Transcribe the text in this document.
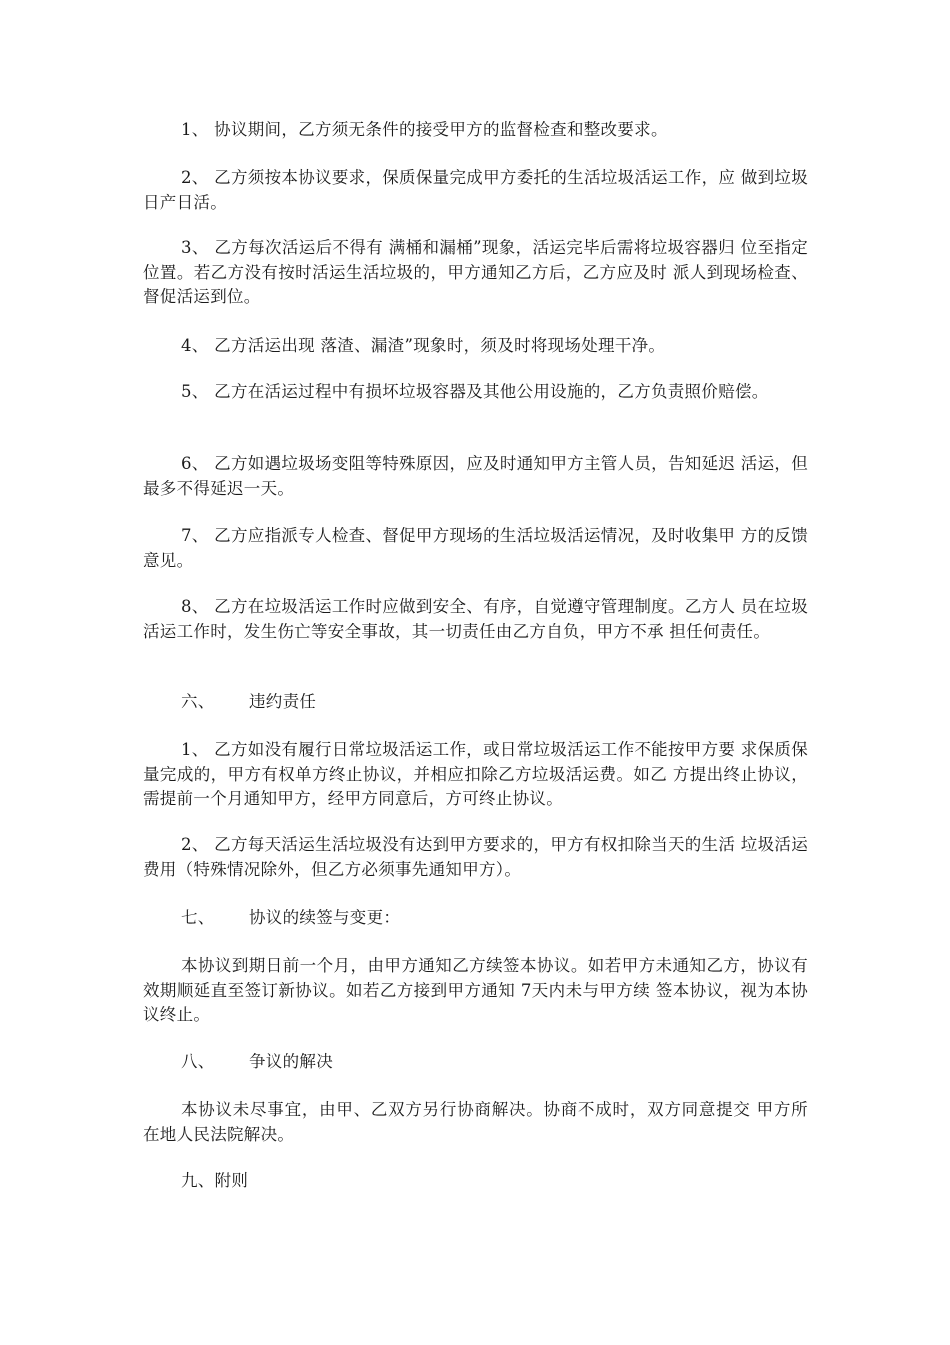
1、 协议期间，乙方须无条件的接受甲方的监督检查和整改要求。

2、 乙方须按本协议要求，保质保量完成甲方委托的生活垃圾活运工作，应 做到垃圾日产日活。

3、 乙方每次活运后不得有 满桶和漏桶”现象，活运完毕后需将垃圾容器归 位至指定位置。若乙方没有按时活运生活垃圾的，甲方通知乙方后，乙方应及时 派人到现场检查、督促活运到位。

4、 乙方活运出现 落渣、漏渣”现象时，须及时将现场处理干净。

5、 乙方在活运过程中有损坏垃圾容器及其他公用设施的，乙方负责照价赔偿。

6、 乙方如遇垃圾场变阻等特殊原因，应及时通知甲方主管人员，告知延迟 活运，但最多不得延迟一天。

7、 乙方应指派专人检查、督促甲方现场的生活垃圾活运情况，及时收集甲 方的反馈意见。

8、 乙方在垃圾活运工作时应做到安全、有序，自觉遵守管理制度。乙方人 员在垃圾活运工作时，发生伤亡等安全事故，其一切责任由乙方自负，甲方不承 担任何责任。

六、 违约责任

1、 乙方如没有履行日常垃圾活运工作，或日常垃圾活运工作不能按甲方要 求保质保量完成的，甲方有权单方终止协议，并相应扣除乙方垃圾活运费。如乙 方提出终止协议，需提前一个月通知甲方，经甲方同意后，方可终止协议。

2、 乙方每天活运生活垃圾没有达到甲方要求的，甲方有权扣除当天的生活 垃圾活运费用（特殊情况除外，但乙方必须事先通知甲方）。

七、 协议的续签与变更：

本协议到期日前一个月，由甲方通知乙方续签本协议。如若甲方未通知乙方，协议有效期顺延直至签订新协议。如若乙方接到甲方通知 7天内未与甲方续 签本协议，视为本协议终止。

八、 争议的解决

本协议未尽事宜，由甲、乙双方另行协商解决。协商不成时，双方同意提交 甲方所在地人民法院解决。

九、附则
